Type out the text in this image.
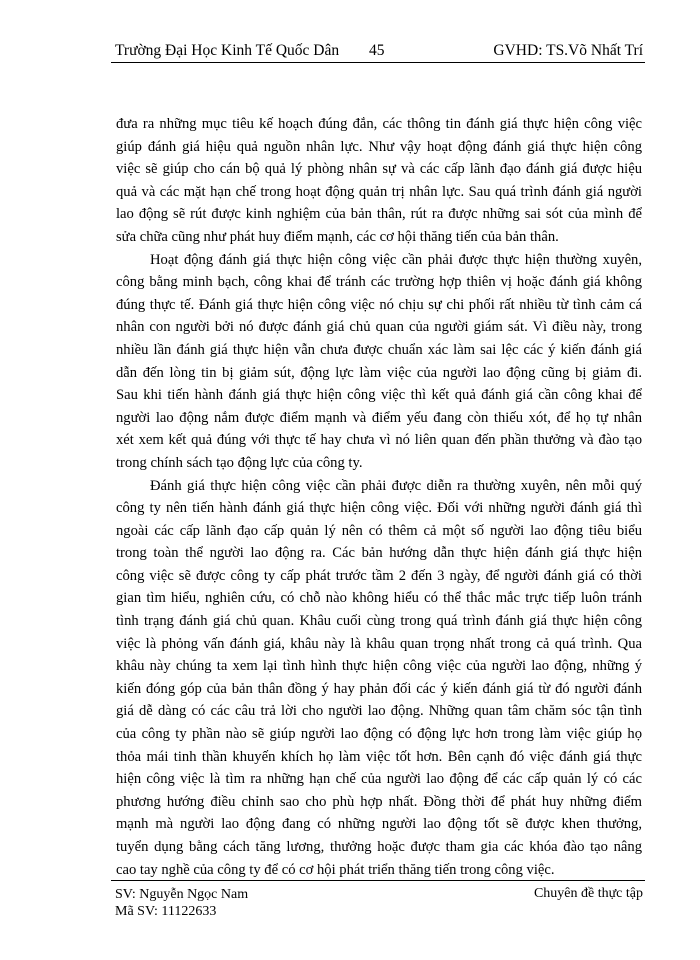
Trường Đại Học Kinh Tế Quốc Dân 45	GVHD: TS.Võ Nhất Trí
đưa ra những mục tiêu kế hoạch đúng đắn, các thông tin đánh giá thực hiện công việc
giúp đánh giá hiệu quả nguồn nhân lực. Như vậy hoạt động đánh giá thực hiện công
việc sẽ giúp cho cán bộ quả lý phòng nhân sự và các cấp lãnh đạo đánh giá được hiệu
quả và các mặt hạn chế trong hoạt động quản trị nhân lực. Sau quá trình đánh giá người
lao động sẽ rút được kinh nghiệm của bản thân, rút ra được những sai sót của mình để
sửa chữa cũng như phát huy điểm mạnh, các cơ hội thăng tiến của bản thân.
Hoạt động đánh giá thực hiện công việc cần phải được thực hiện thường xuyên,
công bằng minh bạch, công khai để tránh các trường hợp thiên vị hoặc đánh giá không
đúng thực tế. Đánh giá thực hiện công việc nó chịu sự chi phối rất nhiều từ tình cảm cá
nhân con người bởi nó được đánh giá chủ quan của người giám sát. Vì điều này, trong
nhiều lần đánh giá thực hiện vẫn chưa được chuẩn xác làm sai lệc các ý kiến đánh giá
dẫn đến lòng tin bị giảm sút, động lực làm việc của người lao động cũng bị giảm đi.
Sau khi tiến hành đánh giá thực hiện công việc thì kết quả đánh giá cần công khai để
người lao động nắm được điểm mạnh và điểm yếu đang còn thiếu xót, để họ tự nhân
xét xem kết quả đúng với thực tế hay chưa vì nó liên quan đến phần thưởng và đào tạo
trong chính sách tạo động lực của công ty.
Đánh giá thực hiện công việc cần phải được diễn ra thường xuyên, nên mỗi quý
công ty nên tiến hành đánh giá thực hiện công việc. Đối với những người đánh giá thì
ngoài các cấp lãnh đạo cấp quản lý nên có thêm cả một số người lao động tiêu biểu
trong toàn thể người lao động ra. Các bản hướng dẫn thực hiện đánh giá thực hiện
công việc sẽ được công ty cấp phát trước tầm 2 đến 3 ngày, để người đánh giá có thời
gian tìm hiểu, nghiên cứu, có chỗ nào không hiểu có thể thắc mắc trực tiếp luôn tránh
tình trạng đánh giá chủ quan. Khâu cuối cùng trong quá trình đánh giá thực hiện công
việc là phỏng vấn đánh giá, khâu này là khâu quan trọng nhất trong cả quá trình. Qua
khâu này chúng ta xem lại tình hình thực hiện công việc của người lao động, những ý
kiến đóng góp của bản thân đồng ý hay phản đối các ý kiến đánh giá từ đó người đánh
giá dễ dàng có các câu trả lời cho người lao động. Những quan tâm chăm sóc tận tình
của công ty phần nào sẽ giúp người lao động có động lực hơn trong làm việc giúp họ
thỏa mái tinh thần khuyến khích họ làm việc tốt hơn. Bên cạnh đó việc đánh giá thực
hiện công việc là tìm ra những hạn chế của người lao động để các cấp quản lý có các
phương hướng điều chỉnh sao cho phù hợp nhất. Đồng thời để phát huy những điểm
mạnh mà người lao động đang có những người lao động tốt sẽ được khen thưởng,
tuyển dụng bằng cách tăng lương, thưởng hoặc được tham gia các khóa đào tạo nâng
cao tay nghề của công ty để có cơ hội phát triển thăng tiến trong công việc.
SV: Nguyễn Ngọc Nam
Mã SV: 11122633
Chuyên đề thực tập
